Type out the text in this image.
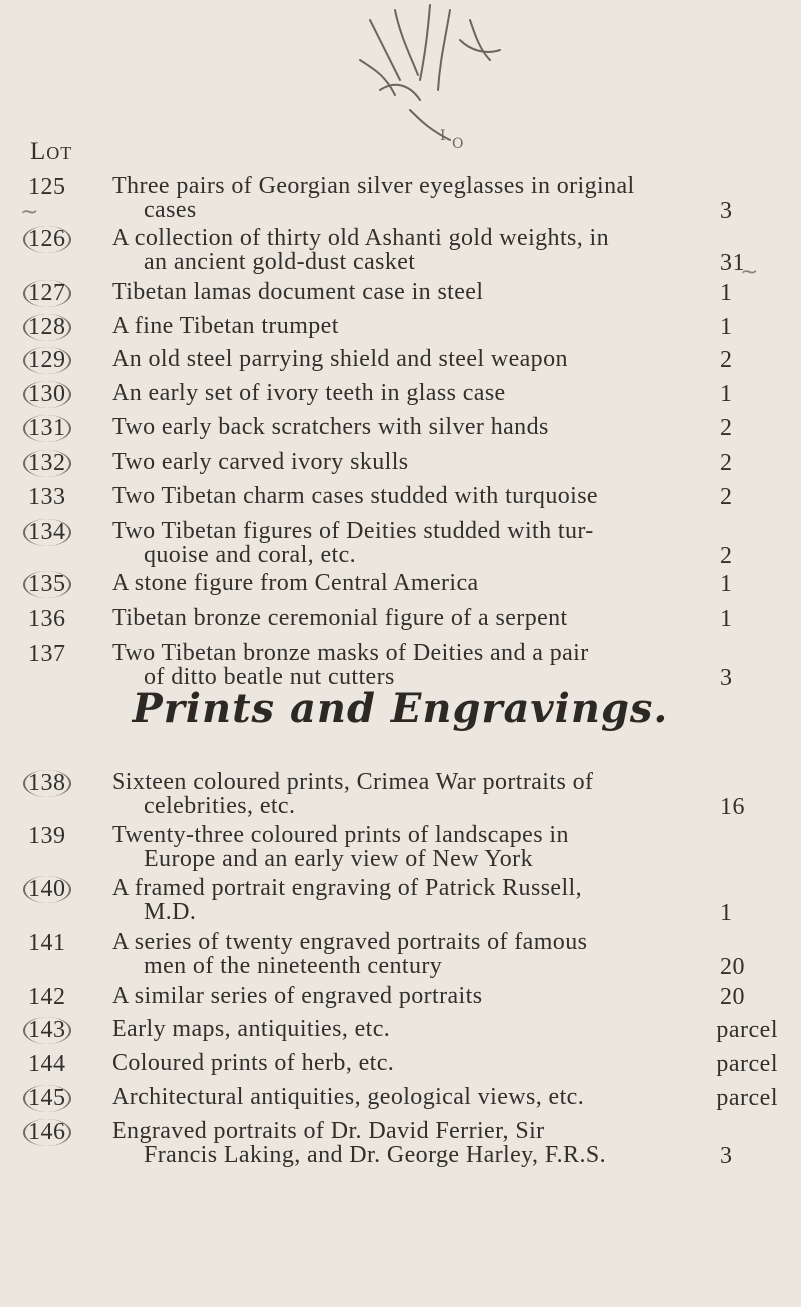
I O
Lot
125	Three pairs of Georgian silver eyeglasses in original
cases	3
126	A collection of thirty old Ashanti gold weights, in
an ancient gold-dust casket	31
127	Tibetan lamas document case in steel	1
128	A fine Tibetan trumpet	1
129	An old steel parrying shield and steel weapon	2
130	An early set of ivory teeth in glass case	1
131	Two early back scratchers with silver hands	2
132	Two early carved ivory skulls	2
133	Two Tibetan charm cases studded with turquoise	2
134	Two Tibetan figures of Deities studded with tur-
quoise and coral, etc.	2
135	A stone figure from Central America	1
136	Tibetan bronze ceremonial figure of a serpent	1
137	Two Tibetan bronze masks of Deities and a pair
of ditto beatle nut cutters	3
Prints and Engravings.
138	Sixteen coloured prints, Crimea War portraits of
celebrities, etc.	16
139	Twenty-three coloured prints of landscapes in
Europe and an early view of New York
140	A framed portrait engraving of Patrick Russell,
M.D.	1
141	A series of twenty engraved portraits of famous
men of the nineteenth century	20
142	A similar series of engraved portraits	20
143	Early maps, antiquities, etc.	parcel
144	Coloured prints of herb, etc.	parcel
145	Architectural antiquities, geological views, etc.	parcel
146	Engraved portraits of Dr. David Ferrier, Sir
Francis Laking, and Dr. George Harley, F.R.S.	3
~
~
